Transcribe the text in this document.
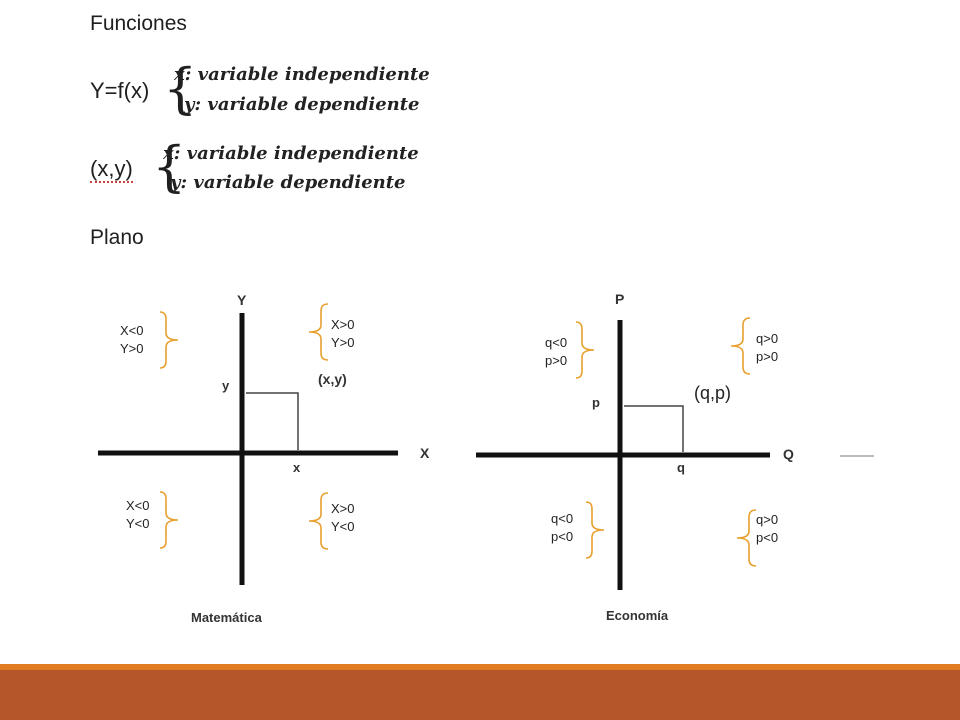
Funciones
Y=f(x) {
x: variable independiente
y: variable dependiente
(x,y) {
x: variable independiente
y: variable dependiente
Plano
Y
X
y
x
(x,y)
X<0
Y>0
X>0
Y>0
X<0
Y<0
X>0
Y<0
Matemática
P
Q
p
q
(q,p)
q<0
p>0
q>0
p>0
q<0
p<0
q>0
p<0
Economía
